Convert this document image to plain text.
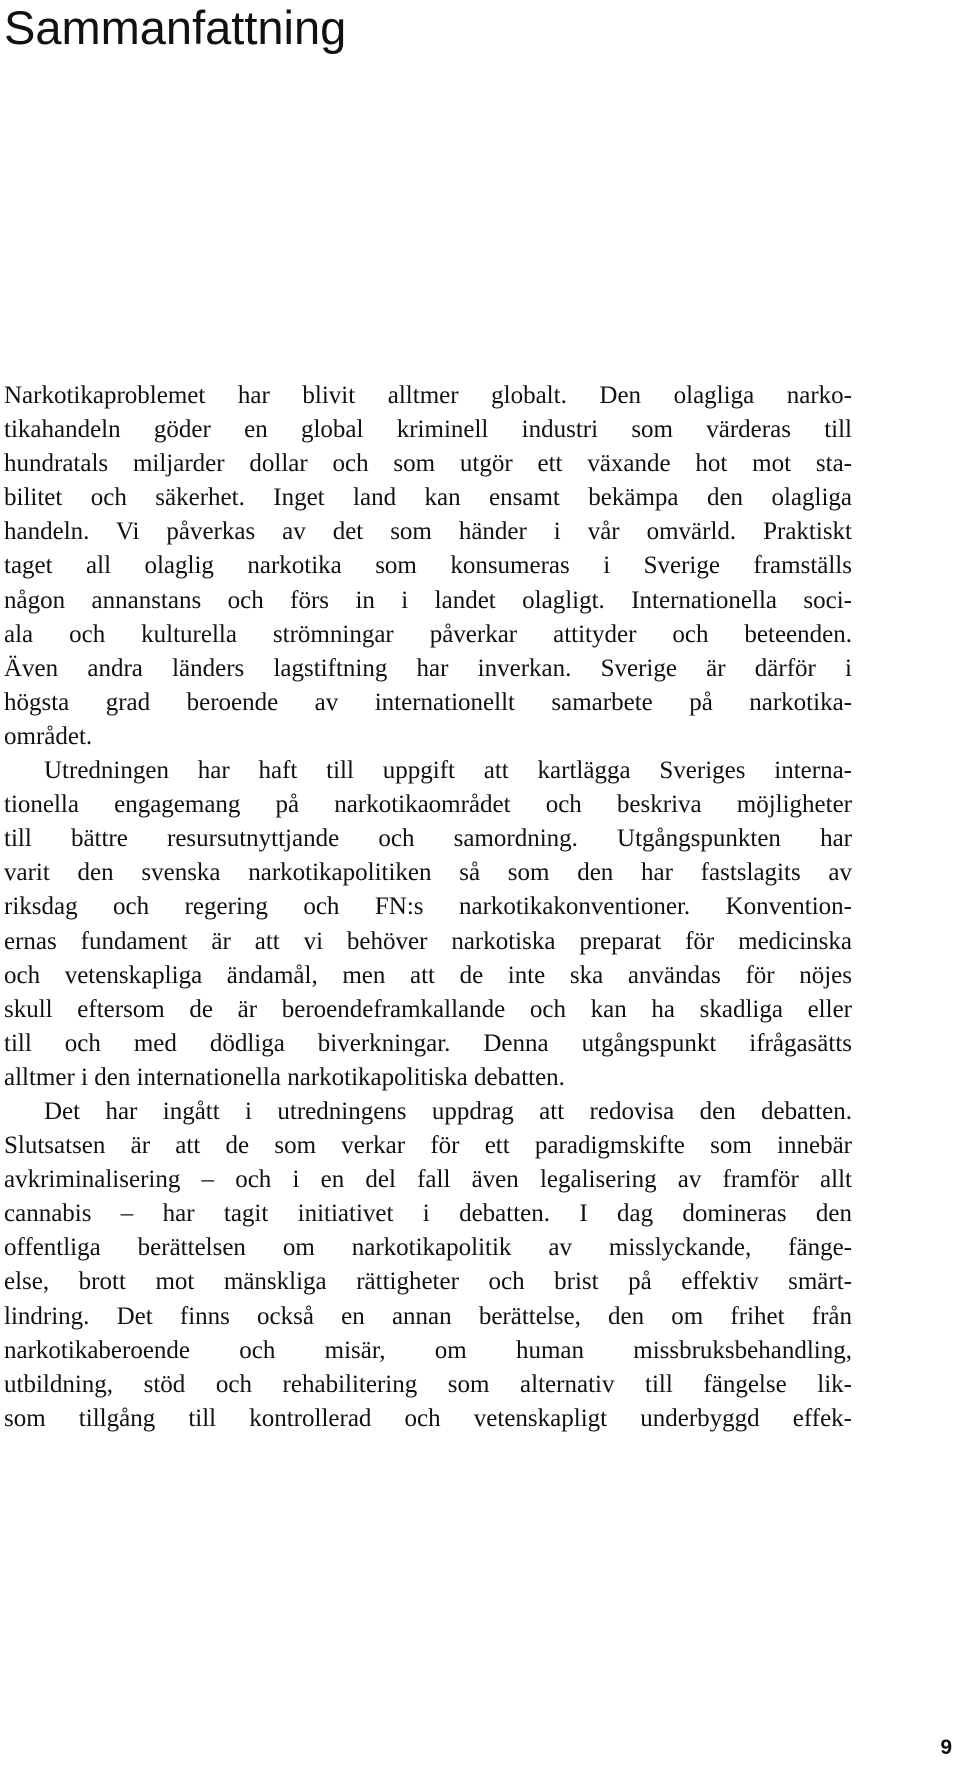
Sammanfattning
Narkotikaproblemet har blivit alltmer globalt. Den olagliga narko-
tikahandeln göder en global kriminell industri som värderas till
hundratals miljarder dollar och som utgör ett växande hot mot sta-
bilitet och säkerhet. Inget land kan ensamt bekämpa den olagliga
handeln. Vi påverkas av det som händer i vår omvärld. Praktiskt
taget all olaglig narkotika som konsumeras i Sverige framställs
någon annanstans och förs in i landet olagligt. Internationella soci-
ala och kulturella strömningar påverkar attityder och beteenden.
Även andra länders lagstiftning har inverkan. Sverige är därför i
högsta grad beroende av internationellt samarbete på narkotika-
området.
Utredningen har haft till uppgift att kartlägga Sveriges interna-
tionella engagemang på narkotikaområdet och beskriva möjligheter
till bättre resursutnyttjande och samordning. Utgångspunkten har
varit den svenska narkotikapolitiken så som den har fastslagits av
riksdag och regering och FN:s narkotikakonventioner. Konvention-
ernas fundament är att vi behöver narkotiska preparat för medicinska
och vetenskapliga ändamål, men att de inte ska användas för nöjes
skull eftersom de är beroendeframkallande och kan ha skadliga eller
till och med dödliga biverkningar. Denna utgångspunkt ifrågasätts
alltmer i den internationella narkotikapolitiska debatten.
Det har ingått i utredningens uppdrag att redovisa den debatten.
Slutsatsen är att de som verkar för ett paradigmskifte som innebär
avkriminalisering – och i en del fall även legalisering av framför allt
cannabis – har tagit initiativet i debatten. I dag domineras den
offentliga berättelsen om narkotikapolitik av misslyckande, fänge-
else, brott mot mänskliga rättigheter och brist på effektiv smärt-
lindring. Det finns också en annan berättelse, den om frihet från
narkotikaberoende och misär, om human missbruksbehandling,
utbildning, stöd och rehabilitering som alternativ till fängelse lik-
som tillgång till kontrollerad och vetenskapligt underbyggd effek-
9
